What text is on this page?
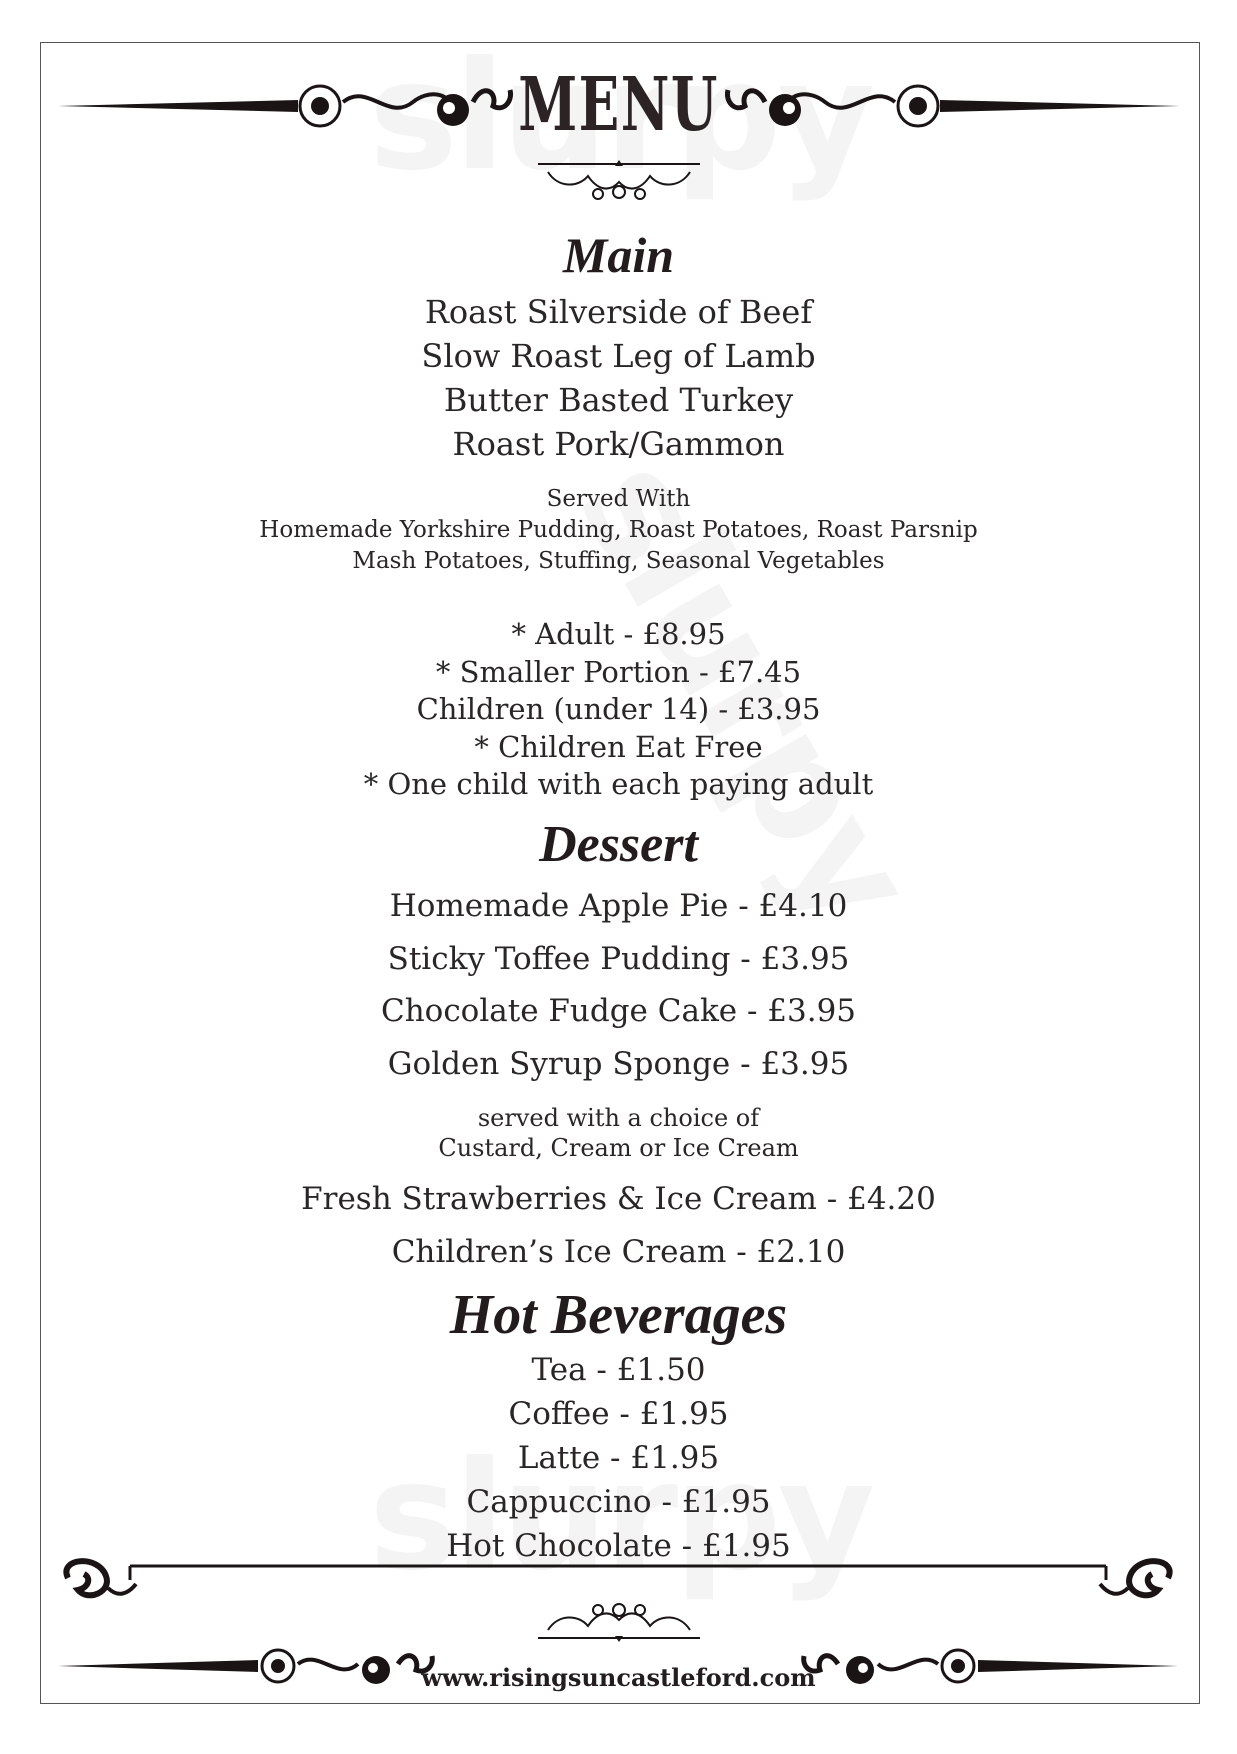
MENU
Main
Roast Silverside of Beef
Slow Roast Leg of Lamb
Butter Basted Turkey
Roast Pork/Gammon
Served With
Homemade Yorkshire Pudding, Roast Potatoes, Roast Parsnip
Mash Potatoes, Stuffing, Seasonal Vegetables
* Adult - £8.95
* Smaller Portion - £7.45
Children (under 14) - £3.95
* Children Eat Free
* One child with each paying adult
Dessert
Homemade Apple Pie - £4.10
Sticky Toffee Pudding - £3.95
Chocolate Fudge Cake - £3.95
Golden Syrup Sponge - £3.95
served with a choice of
Custard, Cream or Ice Cream
Fresh Strawberries & Ice Cream - £4.20
Children’s Ice Cream - £2.10
Hot Beverages
Tea - £1.50
Coffee - £1.95
Latte - £1.95
Cappuccino - £1.95
Hot Chocolate - £1.95
www.risingsuncastleford.com
